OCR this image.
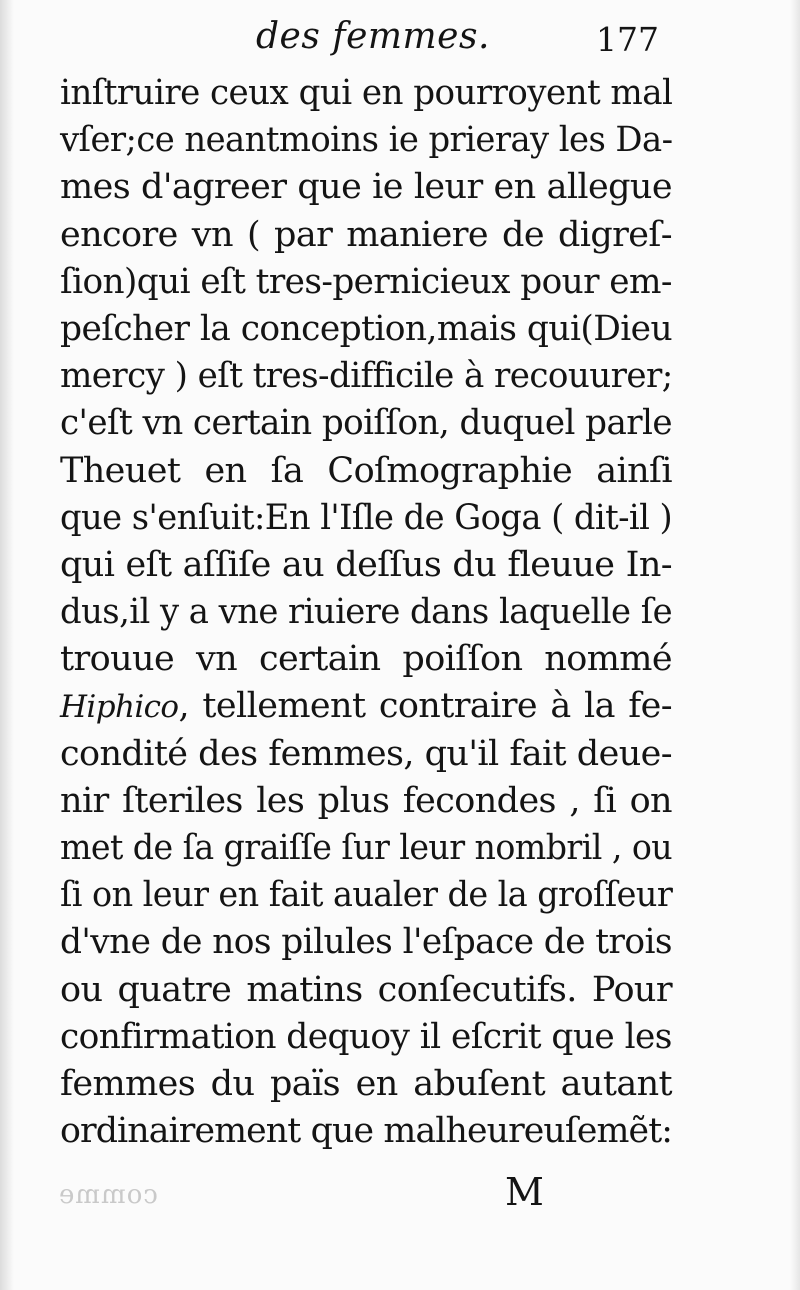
des femmes.	177
inſtruire ceux qui en pourroyent mal
vſer;ce neantmoins ie prieray les Da-
mes d'agreer que ie leur en allegue
encore vn ( par maniere de digreſ-
ſion)qui eſt tres-pernicieux pour em-
peſcher la conception,mais qui(Dieu
mercy ) eſt tres-difficile à recouurer;
c'eſt vn certain poiſſon, duquel parle
Theuet en ſa Coſmographie ainſi
que s'enſuit:En l'Iſle de Goga ( dit-il )
qui eſt aſſiſe au deſſus du fleuue In-
dus,il y a vne riuiere dans laquelle ſe
trouue vn certain poiſſon nommé
Hiphico, tellement contraire à la fe-
condité des femmes, qu'il fait deue-
nir ſteriles les plus fecondes , ſi on
met de ſa graiſſe ſur leur nombril , ou
ſi on leur en fait aualer de la groſſeur
d'vne de nos pilules l'eſpace de trois
ou quatre matins conſecutifs. Pour
confirmation dequoy il eſcrit que les
femmes du païs en abuſent autant
ordinairement que malheureuſemẽt:
comme	M
